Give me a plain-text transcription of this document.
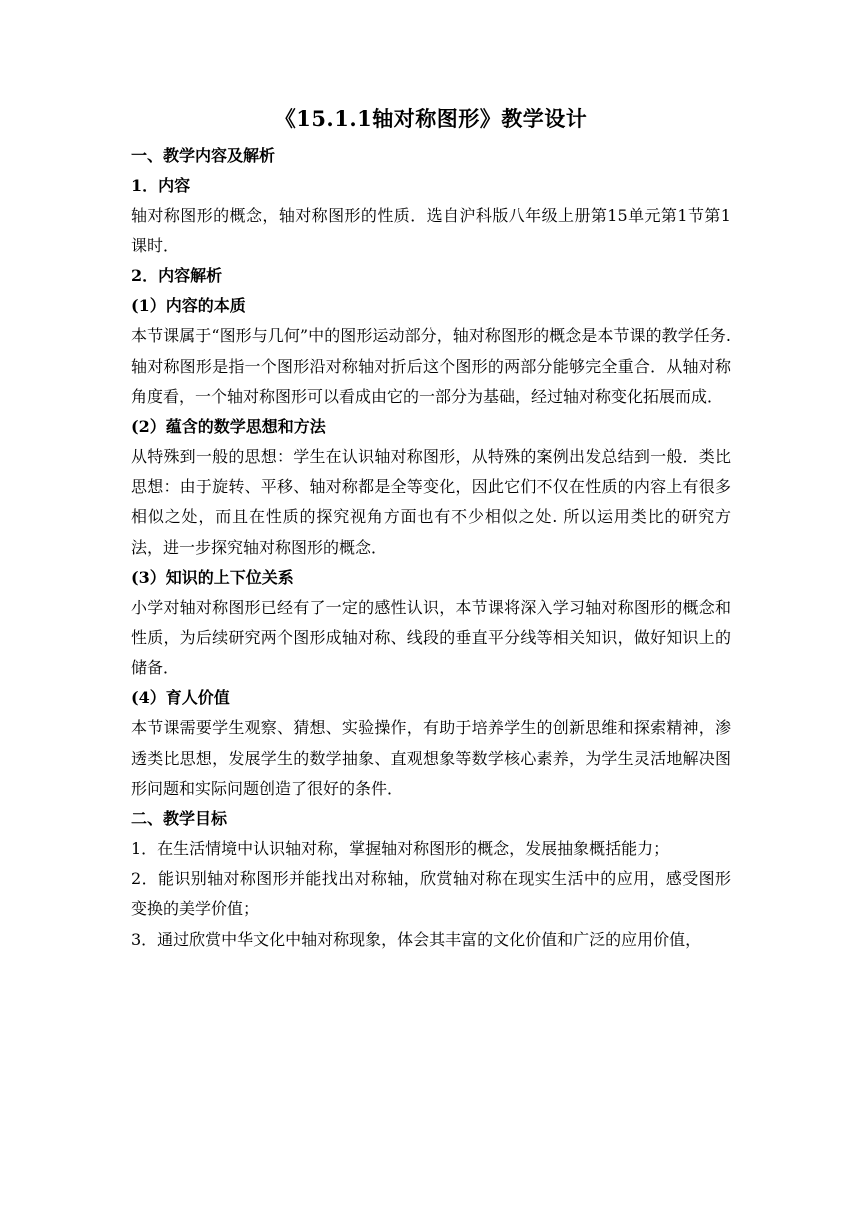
《15.1.1轴对称图形》教学设计
一、教学内容及解析
1．内容

轴对称图形的概念，轴对称图形的性质．选自沪科版八年级上册第15单元第1节第1课时．

2．内容解析
(1）内容的本质

本节课属于“图形与几何”中的图形运动部分，轴对称图形的概念是本节课的教学任务.轴对称图形是指一个图形沿对称轴对折后这个图形的两部分能够完全重合．从轴对称角度看，一个轴对称图形可以看成由它的一部分为基础，经过轴对称变化拓展而成．

(2）蕴含的数学思想和方法

从特殊到一般的思想：学生在认识轴对称图形，从特殊的案例出发总结到一般．类比思想：由于旋转、平移、轴对称都是全等变化，因此它们不仅在性质的内容上有很多相似之处，而且在性质的探究视角方面也有不少相似之处. 所以运用类比的研究方法，进一步探究轴对称图形的概念．

(3）知识的上下位关系

小学对轴对称图形已经有了一定的感性认识，本节课将深入学习轴对称图形的概念和性质，为后续研究两个图形成轴对称、线段的垂直平分线等相关知识，做好知识上的储备．

(4）育人价值

本节课需要学生观察、猜想、实验操作，有助于培养学生的创新思维和探索精神，渗透类比思想，发展学生的数学抽象、直观想象等数学核心素养，为学生灵活地解决图形问题和实际问题创造了很好的条件．

二、教学目标

1．在生活情境中认识轴对称，掌握轴对称图形的概念，发展抽象概括能力；

2．能识别轴对称图形并能找出对称轴，欣赏轴对称在现实生活中的应用，感受图形变换的美学价值；

3．通过欣赏中华文化中轴对称现象，体会其丰富的文化价值和广泛的应用价值，
